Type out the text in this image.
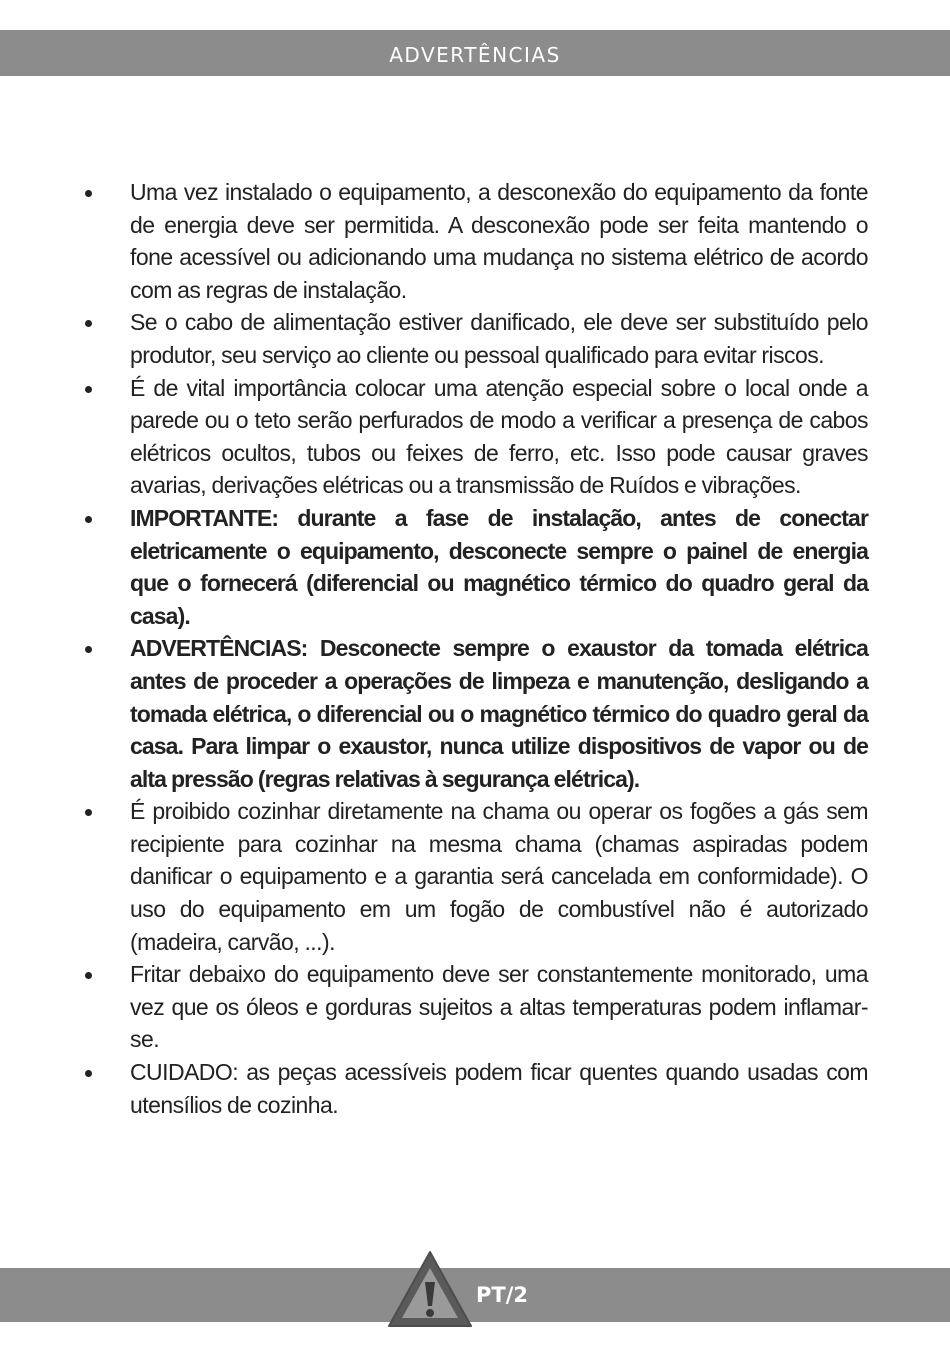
ADVERTÊNCIAS
Uma vez instalado o equipamento, a desconexão do equipamento da fonte de energia deve ser permitida. A desconexão pode ser feita mantendo o fone acessível ou adicionando uma mudança no sistema elétrico de acordo com as regras de instalação.
Se o cabo de alimentação estiver danificado, ele deve ser substituído pelo produtor, seu serviço ao cliente ou pessoal qualificado para evitar riscos.
É de vital importância colocar uma atenção especial sobre o local onde a parede ou o teto serão perfurados de modo a verificar a presença de cabos elétricos ocultos, tubos ou feixes de ferro, etc. Isso pode causar graves avarias, derivações elétricas ou a transmissão de Ruídos e vibrações.
IMPORTANTE: durante a fase de instalação, antes de conectar eletricamente o equipamento, desconecte sempre o painel de energia que o fornecerá (diferencial ou magnético térmico do quadro geral da casa).
ADVERTÊNCIAS: Desconecte sempre o exaustor da tomada elétrica antes de proceder a operações de limpeza e manutenção, desligando a tomada elétrica, o diferencial ou o magnético térmico do quadro geral da casa. Para limpar o exaustor, nunca utilize dispositivos de vapor ou de alta pressão (regras relativas à segurança elétrica).
É proibido cozinhar diretamente na chama ou operar os fogões a gás sem recipiente para cozinhar na mesma chama (chamas aspiradas podem danificar o equipamento e a garantia será cancelada em conformidade). O uso do equipamento em um fogão de combustível não é autorizado (madeira, carvão, ...).
Fritar debaixo do equipamento deve ser constantemente monitorado, uma vez que os óleos e gorduras sujeitos a altas temperaturas podem inflamar-se.
CUIDADO: as peças acessíveis podem ficar quentes quando usadas com utensílios de cozinha.
PT/2
